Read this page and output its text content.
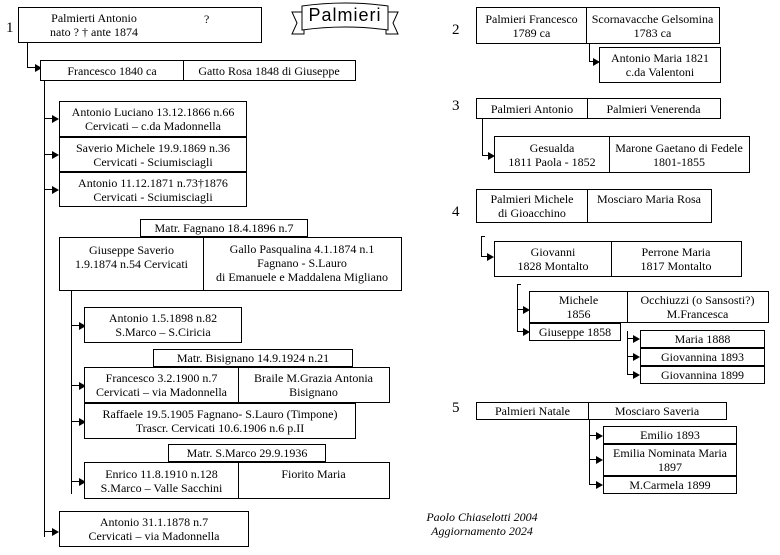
Palmieri
1	2
3
4
5
Palmierti Antonio
nato ? † ante 1874
?
Francesco 1840 ca	Gatto Rosa 1848 di Giuseppe
Antonio Luciano 13.12.1866 n.66
Cervicati – c.da Madonnella
Saverio Michele 19.9.1869 n.36
Cervicati - Sciumisciagli
Antonio 11.12.1871 n.73†1876
Cervicati - Sciumisciagli
Matr. Fagnano 18.4.1896 n.7
Giuseppe Saverio
1.9.1874 n.54 Cervicati
Gallo Pasqualina 4.1.1874 n.1
Fagnano - S.Lauro
di Emanuele e Maddalena Migliano
Antonio 1.5.1898 n.82
S.Marco – S.Ciricia
Matr. Bisignano 14.9.1924 n.21
Francesco 3.2.1900 n.7
Cervicati – via Madonnella
Braile M.Grazia Antonia
Bisignano
Raffaele 19.5.1905 Fagnano- S.Lauro (Timpone)
Trascr. Cervicati 10.6.1906 n.6 p.II
Matr. S.Marco 29.9.1936
Enrico 11.8.1910 n.128
S.Marco – Valle Sacchini
Fiorito Maria
Antonio 31.1.1878 n.7
Cervicati – via Madonnella
Palmieri Francesco
1789 ca
Scornavacche Gelsomina
1783 ca
Antonio Maria 1821
c.da Valentoni
Palmieri Antonio	Palmieri Venerenda
Gesualda
1811 Paola - 1852
Marone Gaetano di Fedele
1801-1855
Palmieri Michele
di Gioacchino
Mosciaro Maria Rosa
Giovanni
1828 Montalto
Perrone Maria
1817 Montalto
Michele
1856
Occhiuzzi (o Sansosti?)
M.Francesca
Giuseppe 1858	Maria 1888
Giovannina 1893
Giovannina 1899
Palmieri Natale	Mosciaro Saveria
Emilio 1893
Emilia Nominata Maria
1897
M.Carmela 1899
Paolo Chiaselotti 2004
Aggiornamento 2024
